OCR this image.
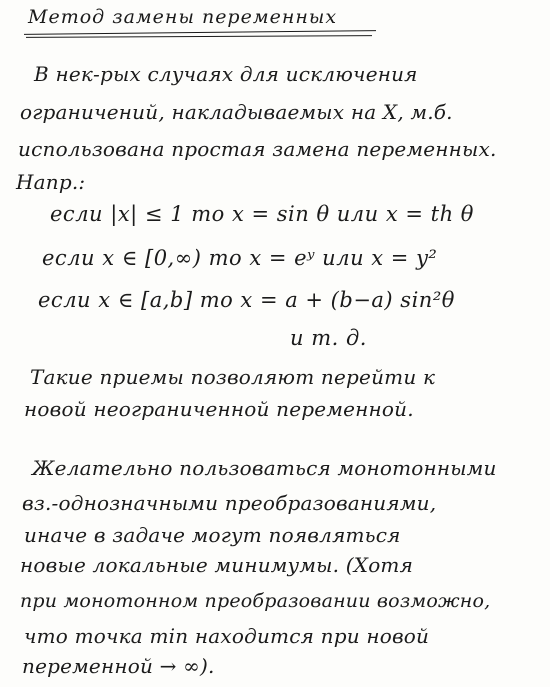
Метод замены переменных
В нек-рых случаях для исключения
ограничений, накладываемых на X, м.б.
использована простая замена переменных.
Напр.:
если |x| ≤ 1 то x = sin θ или x = th θ
если x ∈ [0,∞) то x = eʸ или x = y²
если x ∈ [a,b] то x = a + (b−a) sin²θ
и т. д.
Такие приемы позволяют перейти к
новой неограниченной переменной.
Желательно пользоваться монотонными
вз.-однозначными преобразованиями,
иначе в задаче могут появляться
новые локальные минимумы. (Хотя
при монотонном преобразовании возможно,
что точка min находится при новой
переменной → ∞).
